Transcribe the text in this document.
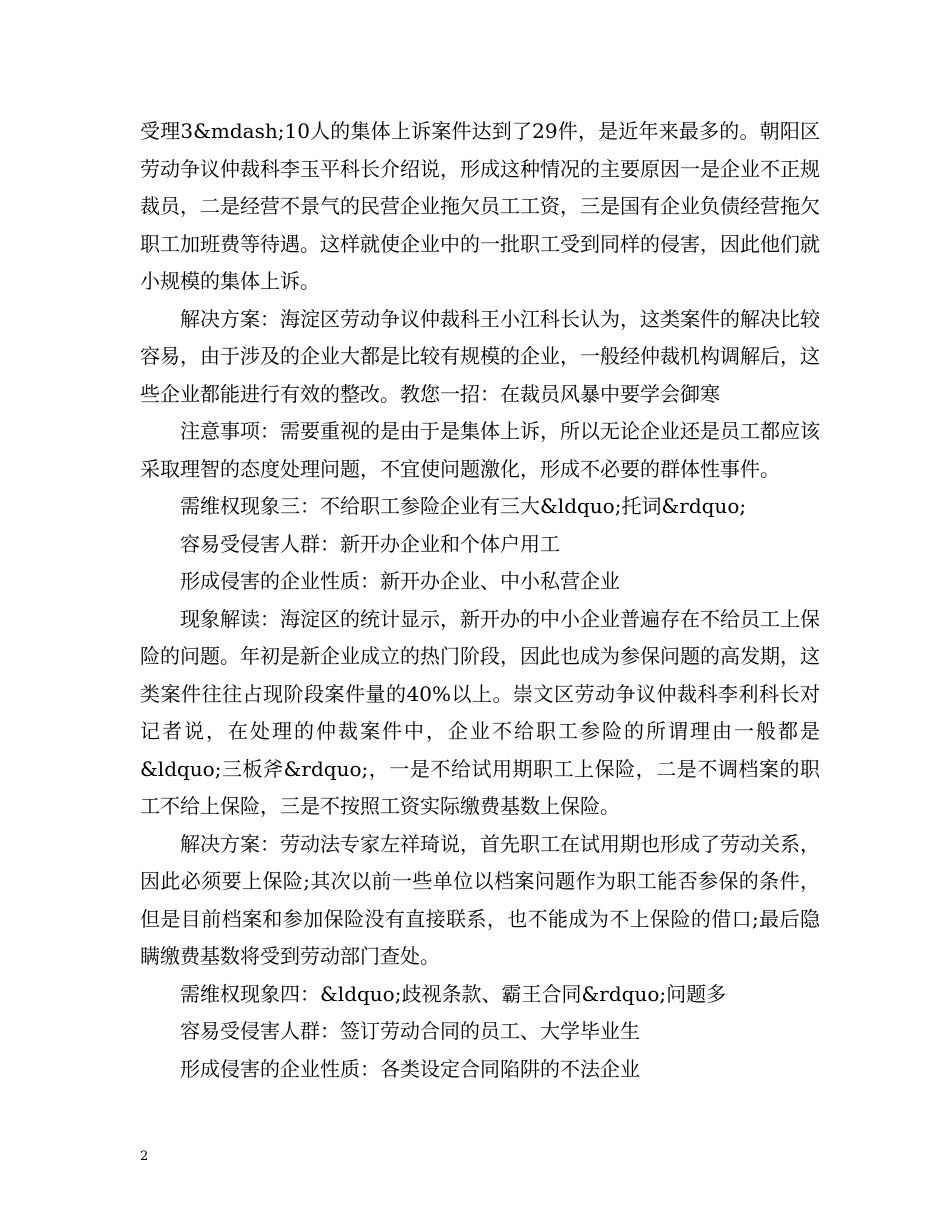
受理3&mdash;10人的集体上诉案件达到了29件，是近年来最多的。朝阳区劳动争议仲裁科李玉平科长介绍说，形成这种情况的主要原因一是企业不正规裁员，二是经营不景气的民营企业拖欠员工工资，三是国有企业负债经营拖欠职工加班费等待遇。这样就使企业中的一批职工受到同样的侵害，因此他们就小规模的集体上诉。

解决方案：海淀区劳动争议仲裁科王小江科长认为，这类案件的解决比较容易，由于涉及的企业大都是比较有规模的企业，一般经仲裁机构调解后，这些企业都能进行有效的整改。教您一招：在裁员风暴中要学会御寒

注意事项：需要重视的是由于是集体上诉，所以无论企业还是员工都应该采取理智的态度处理问题，不宜使问题激化，形成不必要的群体性事件。

需维权现象三：不给职工参险企业有三大&ldquo;托词&rdquo;

容易受侵害人群：新开办企业和个体户用工

形成侵害的企业性质：新开办企业、中小私营企业

现象解读：海淀区的统计显示，新开办的中小企业普遍存在不给员工上保险的问题。年初是新企业成立的热门阶段，因此也成为参保问题的高发期，这类案件往往占现阶段案件量的40%以上。崇文区劳动争议仲裁科李利科长对记者说，在处理的仲裁案件中，企业不给职工参险的所谓理由一般都是&ldquo;三板斧&rdquo;，一是不给试用期职工上保险，二是不调档案的职工不给上保险，三是不按照工资实际缴费基数上保险。

解决方案：劳动法专家左祥琦说，首先职工在试用期也形成了劳动关系，因此必须要上保险;其次以前一些单位以档案问题作为职工能否参保的条件，但是目前档案和参加保险没有直接联系，也不能成为不上保险的借口;最后隐瞒缴费基数将受到劳动部门查处。

需维权现象四：&ldquo;歧视条款、霸王合同&rdquo;问题多

容易受侵害人群：签订劳动合同的员工、大学毕业生

形成侵害的企业性质：各类设定合同陷阱的不法企业

2
